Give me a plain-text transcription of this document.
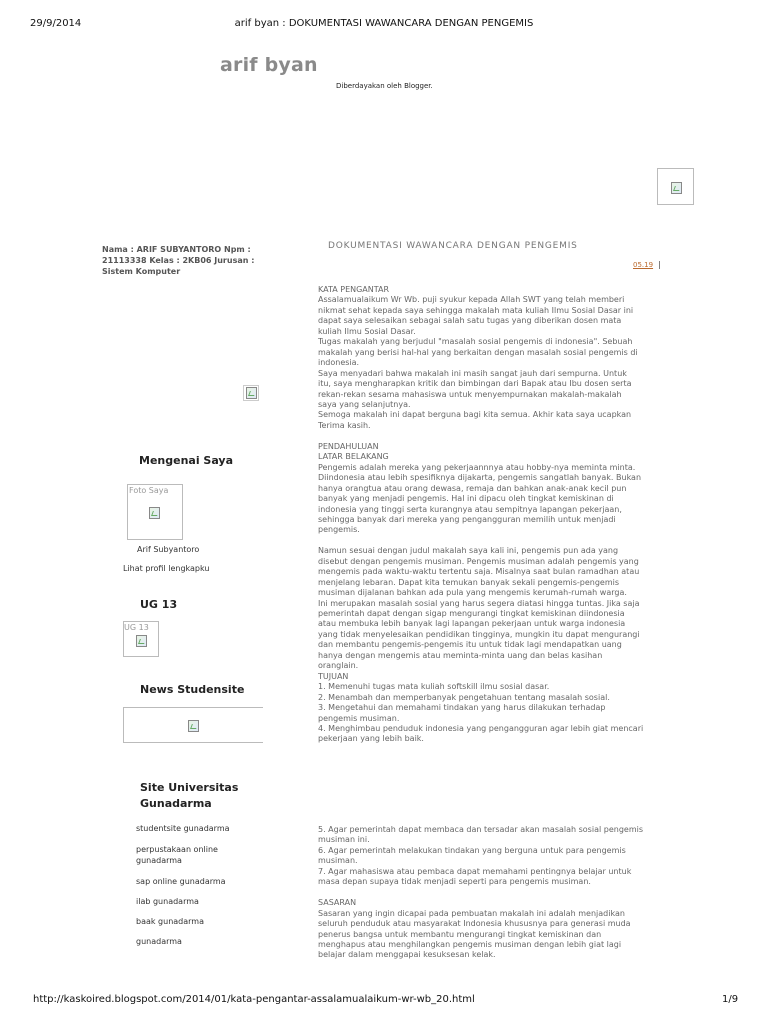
29/9/2014	arif byan : DOKUMENTASI WAWANCARA DENGAN PENGEMIS
arif byan
Diberdayakan oleh Blogger.
Nama : ARIF SUBYANTORO Npm : 21113338 Kelas : 2KB06 Jurusan : Sistem Komputer
Mengenai Saya
Foto Saya
Arif Subyantoro
Lihat profil lengkapku
UG 13
UG 13
News Studensite
Site Universitas
Gunadarma
studentsite gunadarma
perpustakaan online
gunadarma
sap online gunadarma
ilab gunadarma
baak gunadarma
gunadarma
DOKUMENTASI WAWANCARA DENGAN PENGEMIS
05.19 |

KATA PENGANTAR

Assalamualaikum Wr Wb. puji syukur kepada Allah SWT yang telah memberi

nikmat sehat kepada saya sehingga makalah mata kuliah Ilmu Sosial Dasar ini

dapat saya selesaikan sebagai salah satu tugas yang diberikan dosen mata

kuliah Ilmu Sosial Dasar.

Tugas makalah yang berjudul "masalah sosial pengemis di indonesia". Sebuah

makalah yang berisi hal-hal yang berkaitan dengan masalah sosial pengemis di

indonesia.

Saya menyadari bahwa makalah ini masih sangat jauh dari sempurna. Untuk

itu, saya mengharapkan kritik dan bimbingan dari Bapak atau Ibu dosen serta

rekan-rekan sesama mahasiswa untuk menyempurnakan makalah-makalah

saya yang selanjutnya.

Semoga makalah ini dapat berguna bagi kita semua. Akhir kata saya ucapkan

Terima kasih.

PENDAHULUAN

LATAR BELAKANG

Pengemis adalah mereka yang pekerjaannnya atau hobby-nya meminta minta.

Diindonesia atau lebih spesifiknya dijakarta, pengemis sangatlah banyak. Bukan

hanya orangtua atau orang dewasa, remaja dan bahkan anak-anak kecil pun

banyak yang menjadi pengemis. Hal ini dipacu oleh tingkat kemiskinan di

indonesia yang tinggi serta kurangnya atau sempitnya lapangan pekerjaan,

sehingga banyak dari mereka yang pengangguran memilih untuk menjadi

pengemis.

Namun sesuai dengan judul makalah saya kali ini, pengemis pun ada yang

disebut dengan pengemis musiman. Pengemis musiman adalah pengemis yang

mengemis pada waktu-waktu tertentu saja. Misalnya saat bulan ramadhan atau

menjelang lebaran. Dapat kita temukan banyak sekali pengemis-pengemis

musiman dijalanan bahkan ada pula yang mengemis kerumah-rumah warga.

Ini merupakan masalah sosial yang harus segera diatasi hingga tuntas. Jika saja

pemerintah dapat dengan sigap mengurangi tingkat kemiskinan diindonesia

atau membuka lebih banyak lagi lapangan pekerjaan untuk warga indonesia

yang tidak menyelesaikan pendidikan tingginya, mungkin itu dapat mengurangi

dan membantu pengemis-pengemis itu untuk tidak lagi mendapatkan uang

hanya dengan mengemis atau meminta-minta uang dan belas kasihan

oranglain.

TUJUAN

1. Memenuhi tugas mata kuliah softskill ilmu sosial dasar.

2. Menambah dan memperbanyak pengetahuan tentang masalah sosial.

3. Mengetahui dan memahami tindakan yang harus dilakukan terhadap

pengemis musiman.

4. Menghimbau penduduk indonesia yang pengangguran agar lebih giat mencari

pekerjaan yang lebih baik.

5. Agar pemerintah dapat membaca dan tersadar akan masalah sosial pengemis

musiman ini.

6. Agar pemerintah melakukan tindakan yang berguna untuk para pengemis

musiman.

7. Agar mahasiswa atau pembaca dapat memahami pentingnya belajar untuk

masa depan supaya tidak menjadi seperti para pengemis musiman.

SASARAN

Sasaran yang ingin dicapai pada pembuatan makalah ini adalah menjadikan

seluruh penduduk atau masyarakat Indonesia khususnya para generasi muda

penerus bangsa untuk membantu mengurangi tingkat kemiskinan dan

menghapus atau menghilangkan pengemis musiman dengan lebih giat lagi

belajar dalam menggapai kesuksesan kelak.

http://kaskoired.blogspot.com/2014/01/kata-pengantar-assalamualaikum-wr-wb_20.html	1/9
